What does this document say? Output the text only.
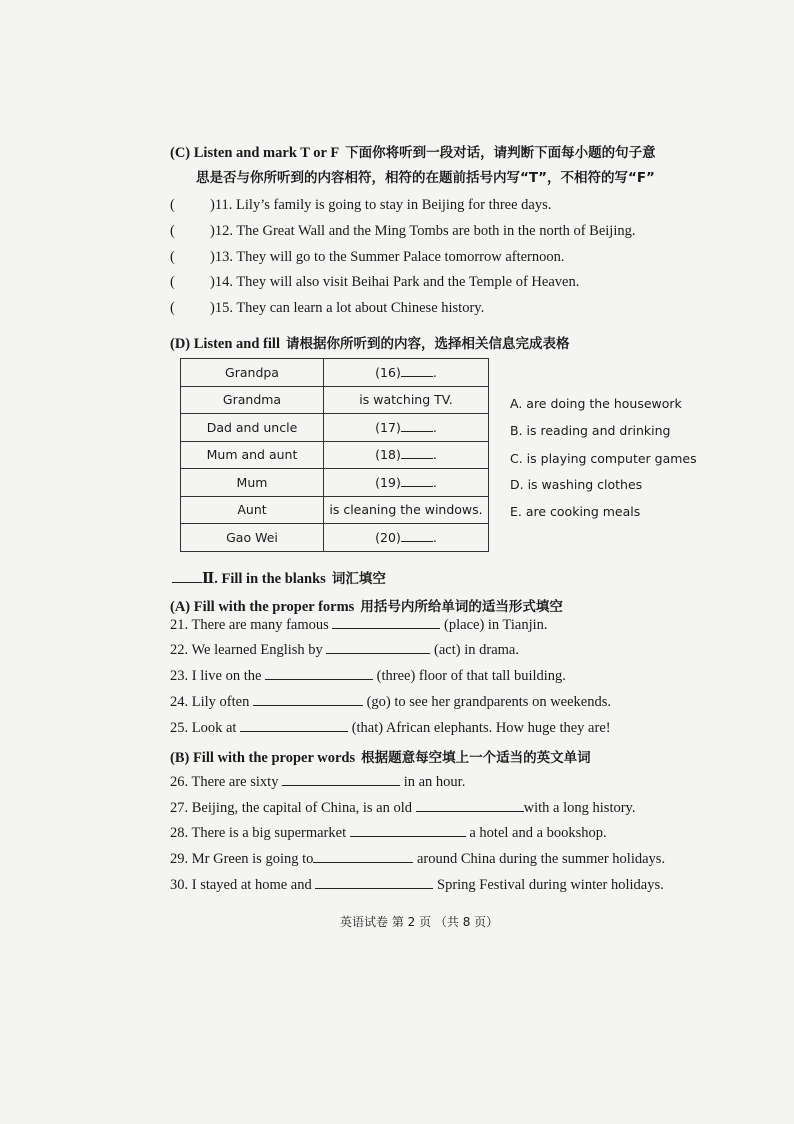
(C) Listen and mark T or F 下面你将听到一段对话，请判断下面每小题的句子意
思是否与你所听到的内容相符，相符的在题前括号内写“T”，不相符的写“F”
( )11. Lily’s family is going to stay in Beijing for three days.
( )12. The Great Wall and the Ming Tombs are both in the north of Beijing.
( )13. They will go to the Summer Palace tomorrow afternoon.
( )14. They will also visit Beihai Park and the Temple of Heaven.
( )15. They can learn a lot about Chinese history.
(D) Listen and fill 请根据你所听到的内容，选择相关信息完成表格
Grandpa	(16) .
Grandma	is watching TV.
Dad and uncle	(17) .
Mum and aunt	(18) .
Mum	(19) .
Aunt	is cleaning the windows.
Gao Wei	(20) .
A. are doing the housework
B. is reading and drinking
C. is playing computer games
D. is washing clothes
E. are cooking meals
Ⅱ. Fill in the blanks 词汇填空
(A) Fill with the proper forms 用括号内所给单词的适当形式填空
21. There are many famous	(place) in Tianjin.
22. We learned English by	(act) in drama.
23. I live on the	(three) floor of that tall building.
24. Lily often	(go) to see her grandparents on weekends.
25. Look at	(that) African elephants. How huge they are!
(B) Fill with the proper words 根据题意每空填上一个适当的英文单词
26. There are sixty	in an hour.
27. Beijing, the capital of China, is an old	with a long history.
28. There is a big supermarket	a hotel and a bookshop.
29. Mr Green is going to	around China during the summer holidays.
30. I stayed at home and	Spring Festival during winter holidays.
英语试卷 第 2 页 （共 8 页）
